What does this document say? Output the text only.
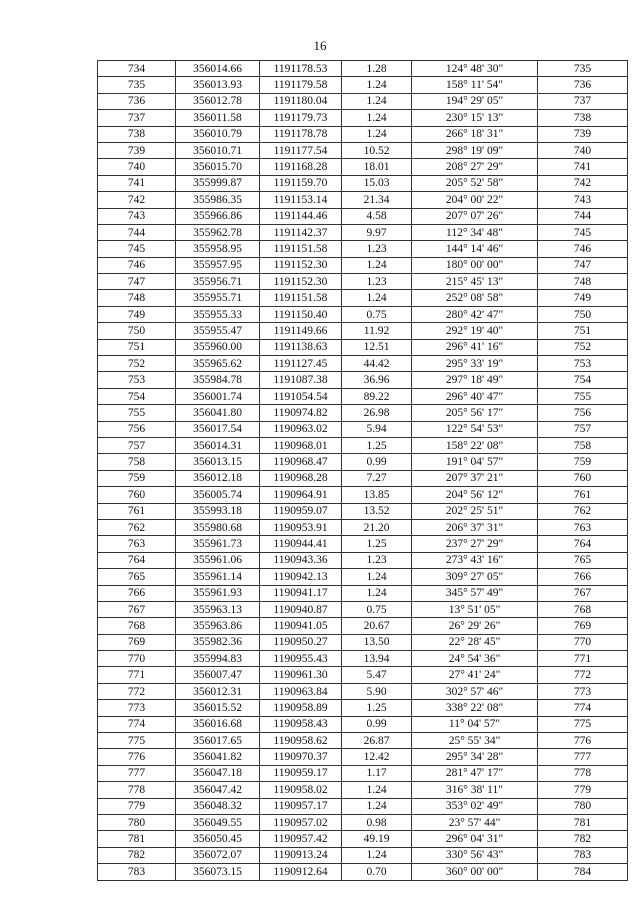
16
734	356014.66	1191178.53	1.28	124° 48' 30"	735
735	356013.93	1191179.58	1.24	158° 11' 54"	736
736	356012.78	1191180.04	1.24	194° 29' 05"	737
737	356011.58	1191179.73	1.24	230° 15' 13"	738
738	356010.79	1191178.78	1.24	266° 18' 31"	739
739	356010.71	1191177.54	10.52	298° 19' 09"	740
740	356015.70	1191168.28	18.01	208° 27' 29"	741
741	355999.87	1191159.70	15.03	205° 52' 58"	742
742	355986.35	1191153.14	21.34	204° 00' 22"	743
743	355966.86	1191144.46	4.58	207° 07' 26"	744
744	355962.78	1191142.37	9.97	112° 34' 48"	745
745	355958.95	1191151.58	1.23	144° 14' 46"	746
746	355957.95	1191152.30	1.24	180° 00' 00"	747
747	355956.71	1191152.30	1.23	215° 45' 13"	748
748	355955.71	1191151.58	1.24	252° 08' 58"	749
749	355955.33	1191150.40	0.75	280° 42' 47"	750
750	355955.47	1191149.66	11.92	292° 19' 40"	751
751	355960.00	1191138.63	12.51	296° 41' 16"	752
752	355965.62	1191127.45	44.42	295° 33' 19"	753
753	355984.78	1191087.38	36.96	297° 18' 49"	754
754	356001.74	1191054.54	89.22	296° 40' 47"	755
755	356041.80	1190974.82	26.98	205° 56' 17"	756
756	356017.54	1190963.02	5.94	122° 54' 53"	757
757	356014.31	1190968.01	1.25	158° 22' 08"	758
758	356013.15	1190968.47	0.99	191° 04' 57"	759
759	356012.18	1190968.28	7.27	207° 37' 21"	760
760	356005.74	1190964.91	13.85	204° 56' 12"	761
761	355993.18	1190959.07	13.52	202° 25' 51"	762
762	355980.68	1190953.91	21.20	206° 37' 31"	763
763	355961.73	1190944.41	1.25	237° 27' 29"	764
764	355961.06	1190943.36	1.23	273° 43' 16"	765
765	355961.14	1190942.13	1.24	309° 27' 05"	766
766	355961.93	1190941.17	1.24	345° 57' 49"	767
767	355963.13	1190940.87	0.75	13° 51' 05"	768
768	355963.86	1190941.05	20.67	26° 29' 26"	769
769	355982.36	1190950.27	13.50	22° 28' 45"	770
770	355994.83	1190955.43	13.94	24° 54' 36"	771
771	356007.47	1190961.30	5.47	27° 41' 24"	772
772	356012.31	1190963.84	5.90	302° 57' 46"	773
773	356015.52	1190958.89	1.25	338° 22' 08"	774
774	356016.68	1190958.43	0.99	11° 04' 57"	775
775	356017.65	1190958.62	26.87	25° 55' 34"	776
776	356041.82	1190970.37	12.42	295° 34' 28"	777
777	356047.18	1190959.17	1.17	281° 47' 17"	778
778	356047.42	1190958.02	1.24	316° 38' 11"	779
779	356048.32	1190957.17	1.24	353° 02' 49"	780
780	356049.55	1190957.02	0.98	23° 57' 44"	781
781	356050.45	1190957.42	49.19	296° 04' 31"	782
782	356072.07	1190913.24	1.24	330° 56' 43"	783
783	356073.15	1190912.64	0.70	360° 00' 00"	784
